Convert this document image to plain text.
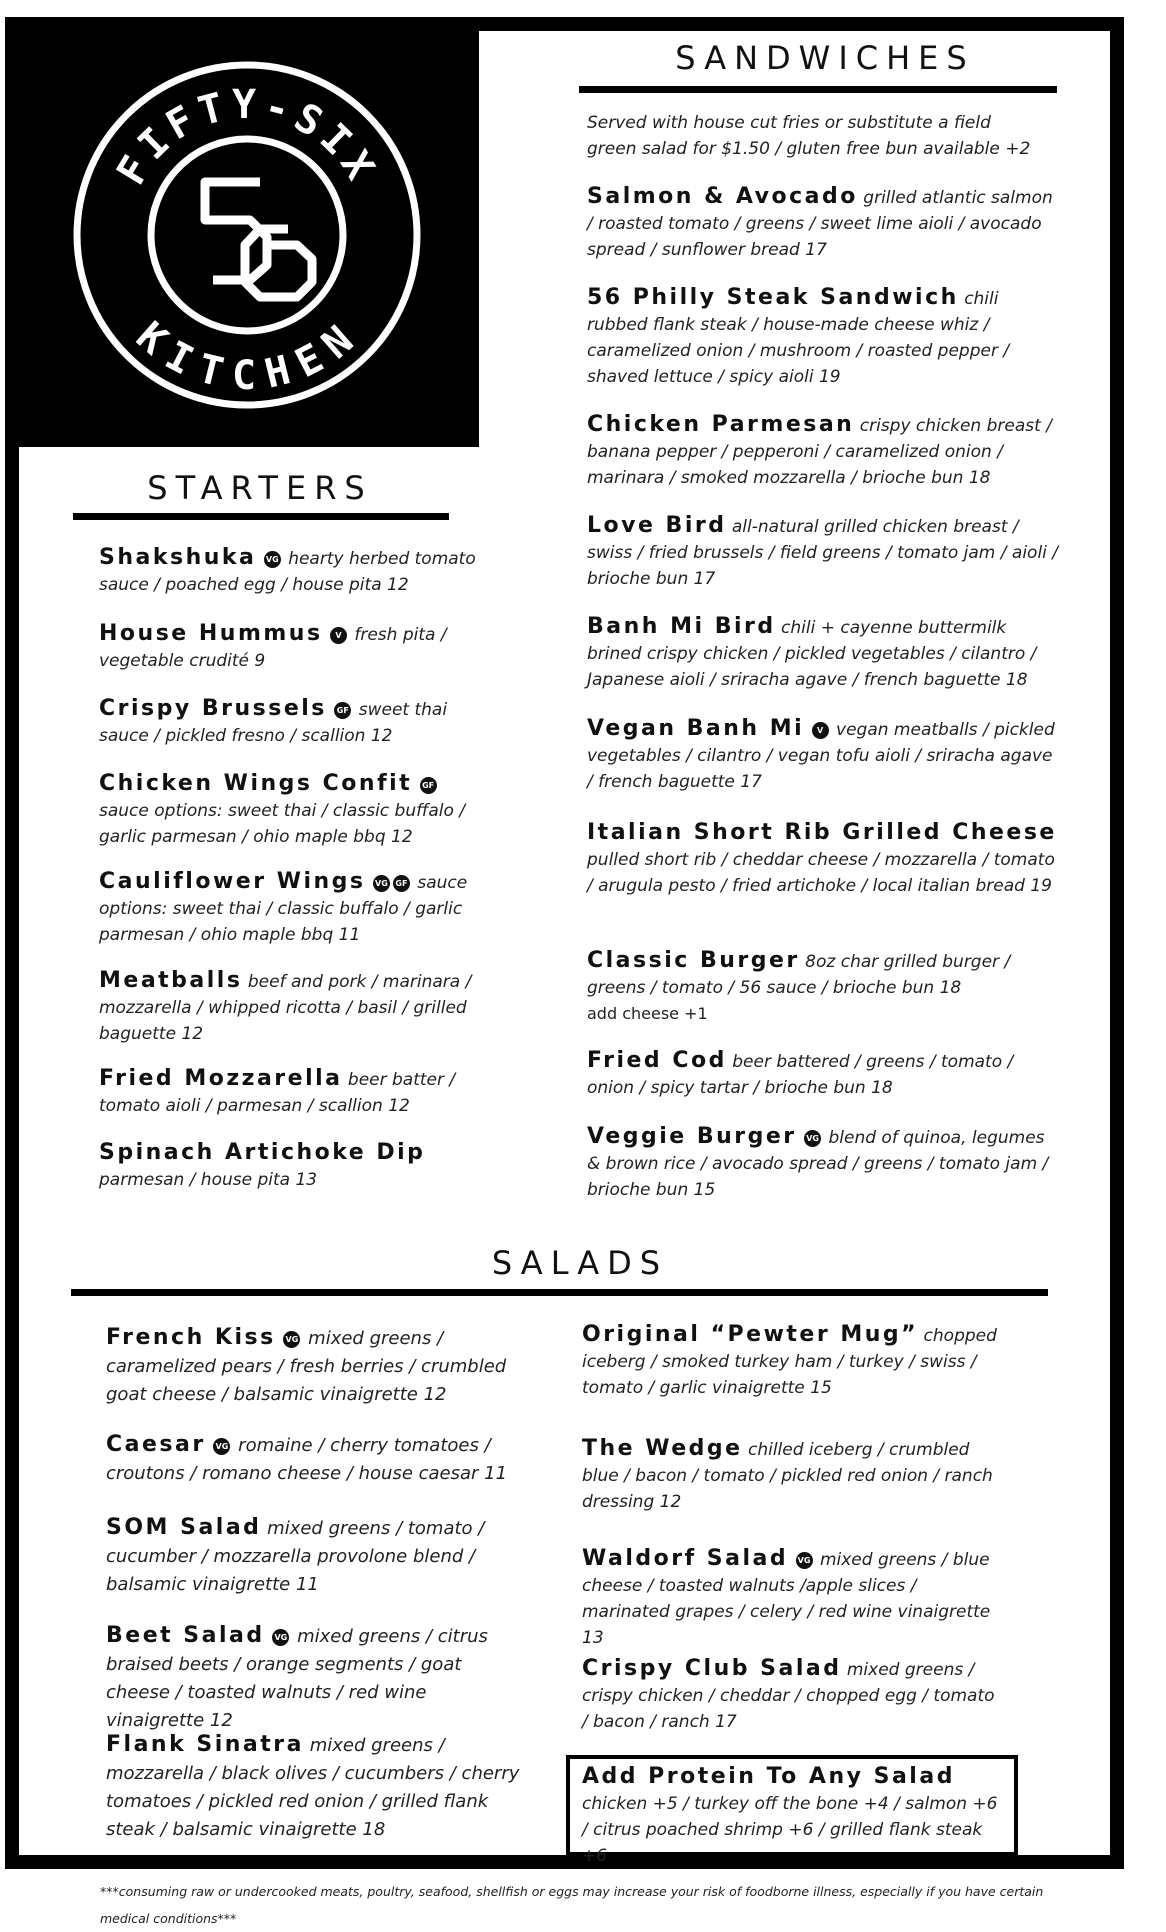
FIFTY-SIX
KITCHEN
SANDWICHES
Served with house cut fries or substitute a field green salad for $1.50 / gluten free bun available +2
Salmon & Avocado grilled atlantic salmon / roasted tomato / greens / sweet lime aioli / avocado spread / sunflower bread 17
56 Philly Steak Sandwich chili rubbed flank steak / house-made cheese whiz / caramelized onion / mushroom / roasted pepper / shaved lettuce / spicy aioli 19
Chicken Parmesan crispy chicken breast / banana pepper / pepperoni / caramelized onion / marinara / smoked mozzarella / brioche bun 18
Love Bird all-natural grilled chicken breast / swiss / fried brussels / field greens / tomato jam / aioli / brioche bun 17
Banh Mi Bird chili + cayenne buttermilk brined crispy chicken / pickled vegetables / cilantro / Japanese aioli / sriracha agave / french baguette 18
Vegan Banh Mi V vegan meatballs / pickled vegetables / cilantro / vegan tofu aioli / sriracha agave / french baguette 17
Italian Short Rib Grilled Cheese pulled short rib / cheddar cheese / mozzarella / tomato / arugula pesto / fried artichoke / local italian bread 19
Classic Burger 8oz char grilled burger / greens / tomato / 56 sauce / brioche bun 18
add cheese +1
Fried Cod beer battered / greens / tomato / onion / spicy tartar / brioche bun 18
Veggie Burger VG blend of quinoa, legumes & brown rice / avocado spread / greens / tomato jam / brioche bun 15
STARTERS
Shakshuka VG hearty herbed tomato sauce / poached egg / house pita 12
House Hummus V fresh pita / vegetable crudité 9
Crispy Brussels GF sweet thai sauce / pickled fresno / scallion 12
Chicken Wings Confit GF sauce options: sweet thai / classic buffalo / garlic parmesan / ohio maple bbq 12
Cauliflower Wings VG GF sauce options: sweet thai / classic buffalo / garlic parmesan / ohio maple bbq 11
Meatballs beef and pork / marinara / mozzarella / whipped ricotta / basil / grilled baguette 12
Fried Mozzarella beer batter / tomato aioli / parmesan / scallion 12
Spinach Artichoke Dip parmesan / house pita 13
SALADS
French Kiss VG mixed greens / caramelized pears / fresh berries / crumbled goat cheese / balsamic vinaigrette 12
Caesar VG romaine / cherry tomatoes / croutons / romano cheese / house caesar 11
SOM Salad mixed greens / tomato / cucumber / mozzarella provolone blend / balsamic vinaigrette 11
Beet Salad VG mixed greens / citrus braised beets / orange segments / goat cheese / toasted walnuts / red wine vinaigrette 12
Flank Sinatra mixed greens / mozzarella / black olives / cucumbers / cherry tomatoes / pickled red onion / grilled flank steak / balsamic vinaigrette 18
Original “Pewter Mug” chopped iceberg / smoked turkey ham / turkey / swiss / tomato / garlic vinaigrette 15
The Wedge chilled iceberg / crumbled blue / bacon / tomato / pickled red onion / ranch dressing 12
Waldorf Salad VG mixed greens / blue cheese / toasted walnuts /apple slices / marinated grapes / celery / red wine vinaigrette 13
Crispy Club Salad mixed greens / crispy chicken / cheddar / chopped egg / tomato / bacon / ranch 17
Add Protein To Any Salad chicken +5 / turkey off the bone +4 / salmon +6 / citrus poached shrimp +6 / grilled flank steak +6
***consuming raw or undercooked meats, poultry, seafood, shellfish or eggs may increase your risk of foodborne illness, especially if you have certain medical conditions***
